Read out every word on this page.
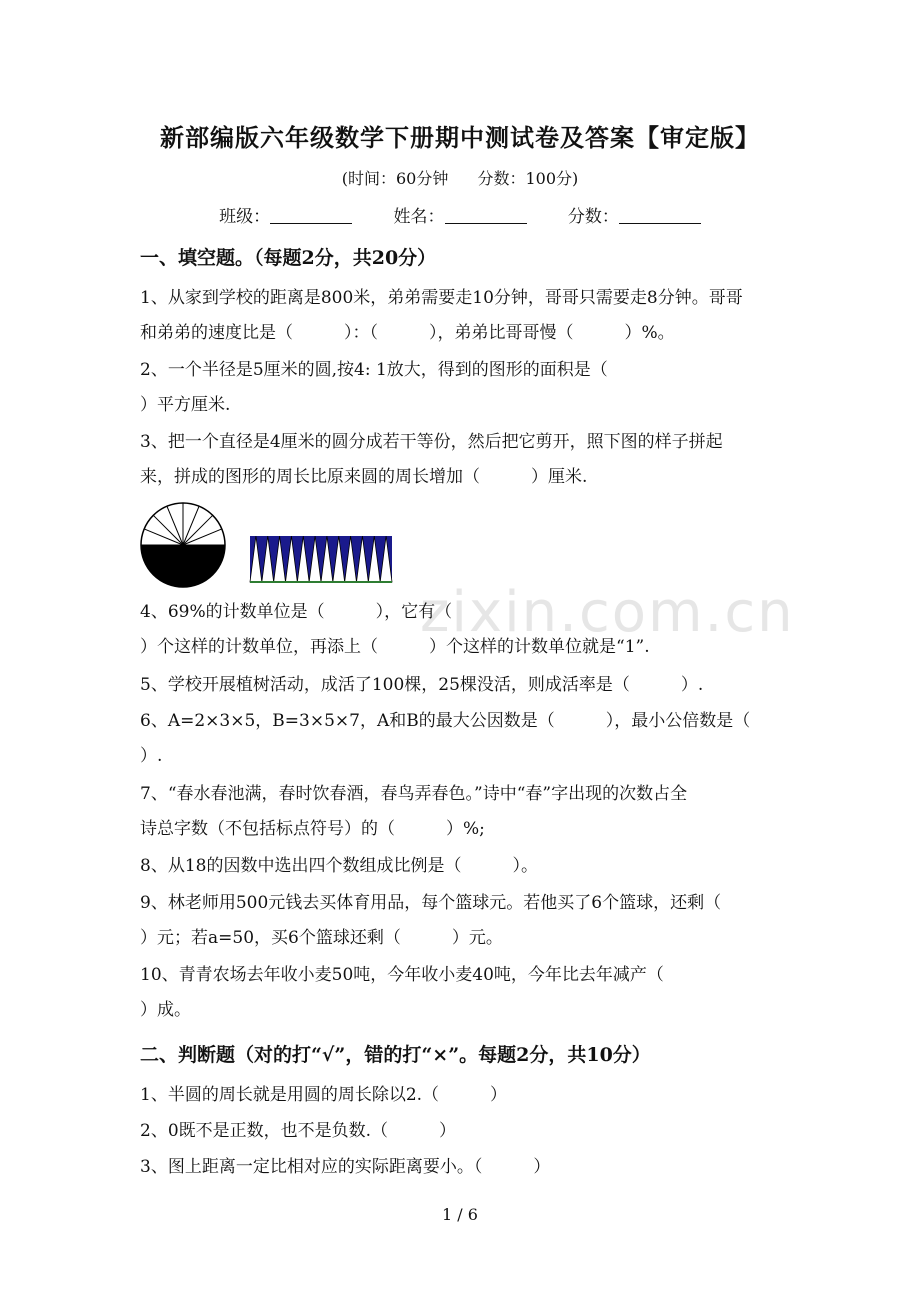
新部编版六年级数学下册期中测试卷及答案【审定版】
(时间：60分钟 分数：100分)
班级：	姓名：	分数：
一、填空题。（每题2分，共20分）
1、从家到学校的距离是800米，弟弟需要走10分钟，哥哥只需要走8分钟。哥哥
和弟弟的速度比是（　　　）：（　　　），弟弟比哥哥慢（　　　）%。
2、一个半径是5厘米的圆,按4: 1放大，得到的图形的面积是（
）平方厘米.
3、把一个直径是4厘米的圆分成若干等份，然后把它剪开，照下图的样子拼起
来，拼成的图形的周长比原来圆的周长增加（　　　）厘米.
zixin.com.cn
4、69%的计数单位是（　　　），它有（
）个这样的计数单位，再添上（　　　）个这样的计数单位就是“1”.
5、学校开展植树活动，成活了100棵，25棵没活，则成活率是（　　　）.
6、A=2×3×5，B=3×5×7，A和B的最大公因数是（　　　），最小公倍数是（
）.
7、“春水春池满，春时饮春酒，春鸟弄春色。”诗中“春”字出现的次数占全
诗总字数（不包括标点符号）的（　　　）%;
8、从18的因数中选出四个数组成比例是（　　　）。
9、林老师用500元钱去买体育用品，每个篮球元。若他买了6个篮球，还剩（
）元；若a=50，买6个篮球还剩（　　　）元。
10、青青农场去年收小麦50吨，今年收小麦40吨，今年比去年减产（
）成。
二、判断题（对的打“√”，错的打“×”。每题2分，共10分）
1、半圆的周长就是用圆的周长除以2.（　　　）
2、0既不是正数，也不是负数.（　　　）
3、图上距离一定比相对应的实际距离要小。（　　　）
1 / 6
